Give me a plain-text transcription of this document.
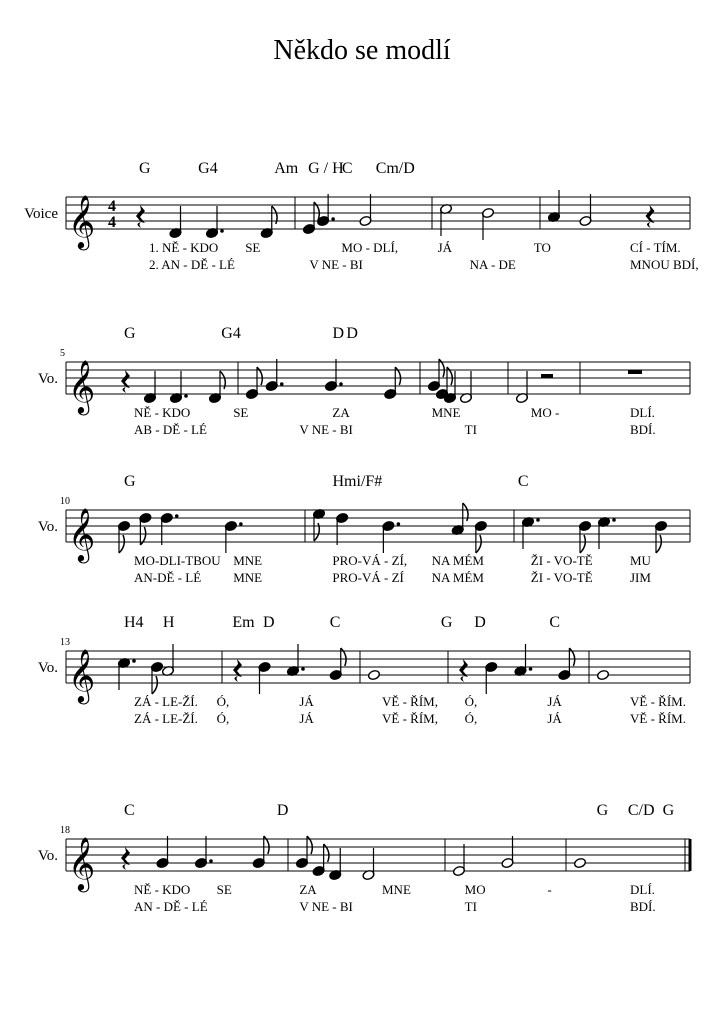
Někdo se modlí
𝄞
Voice	4
4
G	G4	Am G / H
C Cm/D
1. NĚ - KDO SE	MO - DLÍ,	JÁ	TO	CÍ - TÍM.
2. AN - DĚ - LÉ	V NE - BI	NA - DE	MNOU BDÍ,
𝄞
Vo.
5
G	G4	D D
NĚ - KDO	SE	ZA	MNE	MO -	DLÍ.
AB - DĚ - LÉ	V NE - BI	TI	BDÍ.
𝄞
Vo.
10
G	Hmi/F#	C
MO-DLI-TBOU MNE	PRO-VÁ - ZÍ, NA MÉM	ŽI - VO-TĚ	MU
AN-DĚ - LÉ MNE	PRO-VÁ - ZÍ NA MÉM	ŽI - VO-TĚ	JIM
𝄞
Vo.
13
H4 H	Em D	C	G D	C
ZÁ - LE-ŽÍ. Ó,	JÁ	VĚ - ŘÍM, Ó,	JÁ	VĚ - ŘÍM.
ZÁ - LE-ŽÍ. Ó,	JÁ	VĚ - ŘÍM, Ó,	JÁ	VĚ - ŘÍM.
𝄞
Vo.
18
C	D	G C/D G
NĚ - KDO SE	ZA	MNE	MO	-	DLÍ.
AN - DĚ - LÉ	V NE - BI	TI	BDÍ.
